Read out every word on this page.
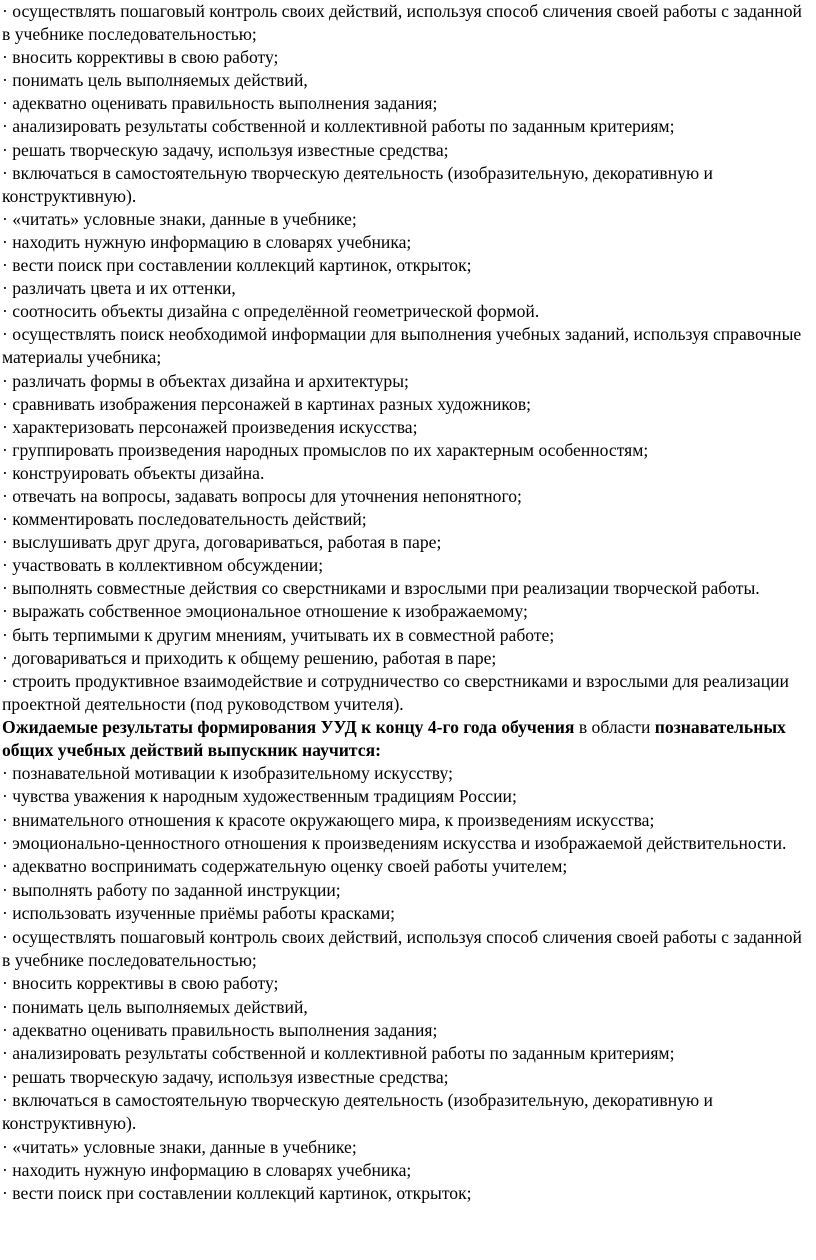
· осуществлять пошаговый контроль своих действий, используя способ сличения своей работы с заданной в учебнике последовательностью;
· вносить коррективы в свою работу;
· понимать цель выполняемых действий,
· адекватно оценивать правильность выполнения задания;
· анализировать результаты собственной и коллективной работы по заданным критериям;
· решать творческую задачу, используя известные средства;
· включаться в самостоятельную творческую деятельность (изобразительную, декоративную и конструктивную).
· «читать» условные знаки, данные в учебнике;
· находить нужную информацию в словарях учебника;
· вести поиск при составлении коллекций картинок, открыток;
· различать цвета и их оттенки,
· соотносить объекты дизайна с определённой геометрической формой.
· осуществлять поиск необходимой информации для выполнения учебных заданий, используя справочные материалы учебника;
· различать формы в объектах дизайна и архитектуры;
· сравнивать изображения персонажей в картинах разных художников;
· характеризовать персонажей произведения искусства;
· группировать произведения народных промыслов по их характерным особенностям;
· конструировать объекты дизайна.
· отвечать на вопросы, задавать вопросы для уточнения непонятного;
· комментировать последовательность действий;
· выслушивать друг друга, договариваться, работая в паре;
· участвовать в коллективном обсуждении;
· выполнять совместные действия со сверстниками и взрослыми при реализации творческой работы.
· выражать собственное эмоциональное отношение к изображаемому;
· быть терпимыми к другим мнениям, учитывать их в совместной работе;
· договариваться и приходить к общему решению, работая в паре;
· строить продуктивное взаимодействие и сотрудничество со сверстниками и взрослыми для реализации проектной деятельности (под руководством учителя).
Ожидаемые результаты формирования УУД к концу 4-го года обучения в области познавательных общих учебных действий выпускник научится:
· познавательной мотивации к изобразительному искусству;
· чувства уважения к народным художественным традициям России;
· внимательного отношения к красоте окружающего мира, к произведениям искусства;
· эмоционально-ценностного отношения к произведениям искусства и изображаемой действительности.
· адекватно воспринимать содержательную оценку своей работы учителем;
· выполнять работу по заданной инструкции;
· использовать изученные приёмы работы красками;
· осуществлять пошаговый контроль своих действий, используя способ сличения своей работы с заданной в учебнике последовательностью;
· вносить коррективы в свою работу;
· понимать цель выполняемых действий,
· адекватно оценивать правильность выполнения задания;
· анализировать результаты собственной и коллективной работы по заданным критериям;
· решать творческую задачу, используя известные средства;
· включаться в самостоятельную творческую деятельность (изобразительную, декоративную и конструктивную).
· «читать» условные знаки, данные в учебнике;
· находить нужную информацию в словарях учебника;
· вести поиск при составлении коллекций картинок, открыток;
